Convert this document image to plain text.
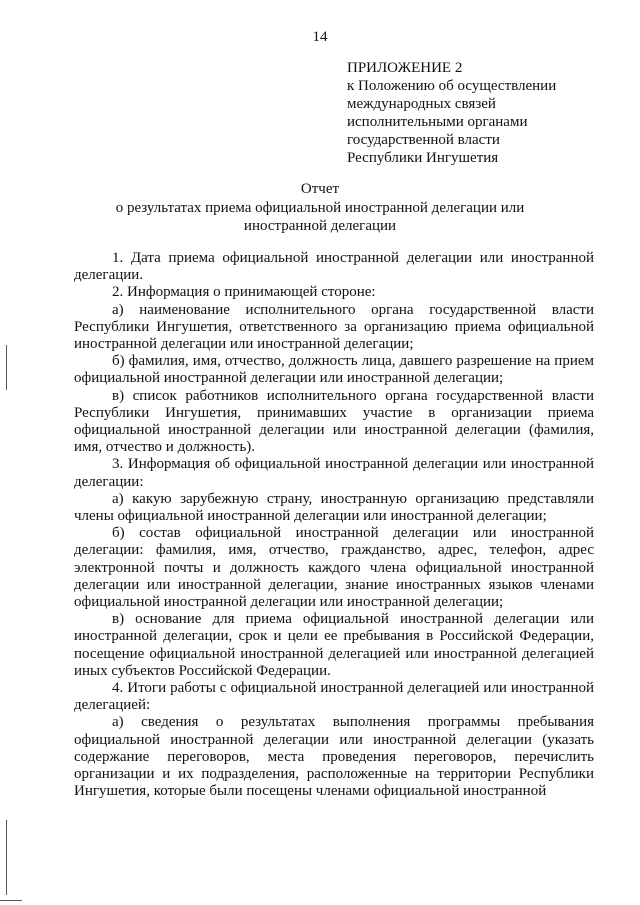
14
ПРИЛОЖЕНИЕ 2
к Положению об осуществлении
международных связей
исполнительными органами
государственной власти
Республики Ингушетия
Отчет
о результатах приема официальной иностранной делегации или
иностранной делегации

1. Дата приема официальной иностранной делегации или иностранной делегации.

2. Информация о принимающей стороне:

а) наименование исполнительного органа государственной власти Республики Ингушетия, ответственного за организацию приема официальной иностранной делегации или иностранной делегации;

б) фамилия, имя, отчество, должность лица, давшего разрешение на прием официальной иностранной делегации или иностранной делегации;

в) список работников исполнительного органа государственной власти Республики Ингушетия, принимавших участие в организации приема официальной иностранной делегации или иностранной делегации (фамилия, имя, отчество и должность).

3. Информация об официальной иностранной делегации или иностранной делегации:

а) какую зарубежную страну, иностранную организацию представляли члены официальной иностранной делегации или иностранной делегации;

б) состав официальной иностранной делегации или иностранной делегации: фамилия, имя, отчество, гражданство, адрес, телефон, адрес электронной почты и должность каждого члена официальной иностранной делегации или иностранной делегации, знание иностранных языков членами официальной иностранной делегации или иностранной делегации;

в) основание для приема официальной иностранной делегации или иностранной делегации, срок и цели ее пребывания в Российской Федерации, посещение официальной иностранной делегацией или иностранной делегацией иных субъектов Российской Федерации.

4. Итоги работы с официальной иностранной делегацией или иностранной делегацией:

а) сведения о результатах выполнения программы пребывания официальной иностранной делегации или иностранной делегации (указать содержание переговоров, места проведения переговоров, перечислить организации и их подразделения, расположенные на территории Республики Ингушетия, которые были посещены членами официальной иностранной
